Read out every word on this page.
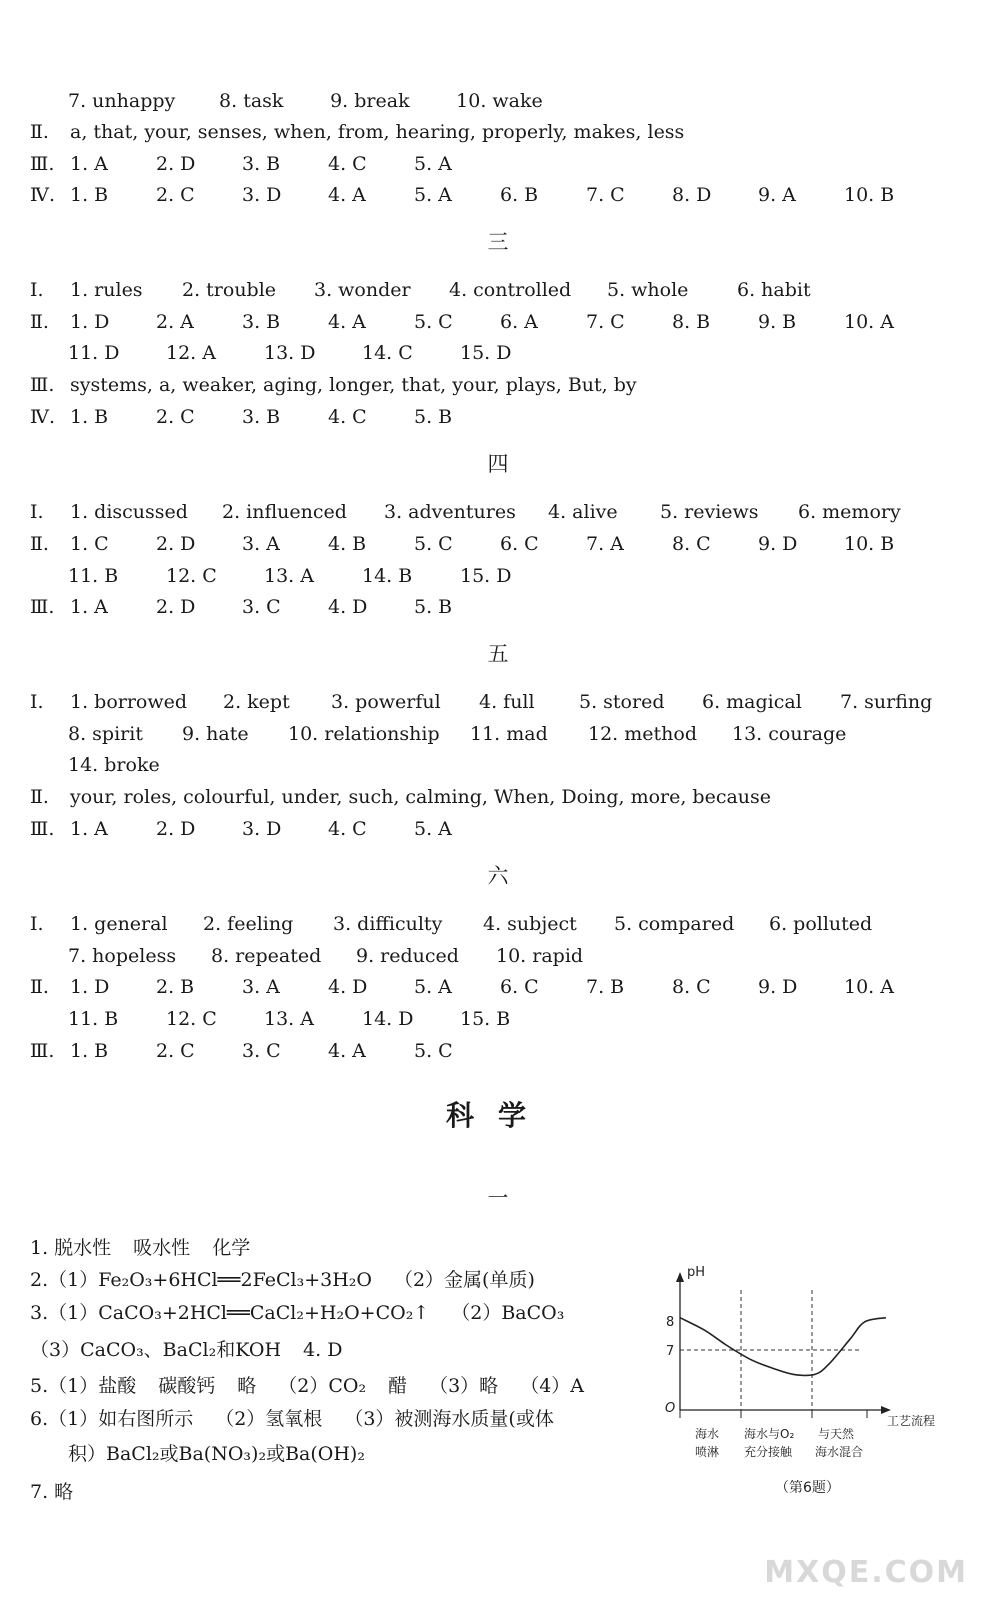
7. unhappy 8. task 9. break 10. wake
Ⅱ. a, that, your, senses, when, from, hearing, properly, makes, less
Ⅲ. 1. A	2. D 3. B	4. C 5. A
Ⅳ. 1. B	2. C 3. D 4. A	5. A	6. B	7. C 8. D 9. A	10. B
三
Ⅰ. 1. rules 2. trouble 3. wonder 4. controlled 5. whole	6. habit
Ⅱ. 1. D 2. A	3. B	4. A	5. C 6. A	7. C 8. B	9. B	10. A
11. D 12. A	13. D 14. C 15. D
Ⅲ. systems, a, weaker, aging, longer, that, your, plays, But, by
Ⅳ. 1. B	2. C 3. B	4. C 5. B
四
Ⅰ. 1. discussed 2. influenced 3. adventures 4. alive 5. reviews 6. memory
Ⅱ. 1. C 2. D 3. A	4. B	5. C 6. C 7. A	8. C 9. D 10. B
11. B	12. C 13. A	14. B	15. D
Ⅲ. 1. A	2. D 3. C 4. D 5. B
五
Ⅰ. 1. borrowed 2. kept 3. powerful 4. full 5. stored 6. magical 7. surfing
8. spirit 9. hate 10. relationship 11. mad 12. method 13. courage
14. broke
Ⅱ. your, roles, colourful, under, such, calming, When, Doing, more, because
Ⅲ. 1. A	2. D 3. D 4. C 5. A
六
Ⅰ. 1. general 2. feeling 3. difficulty 4. subject 5. compared 6. polluted
7. hopeless 8. repeated 9. reduced 10. rapid
Ⅱ. 1. D 2. B	3. A	4. D 5. A	6. C 7. B	8. C 9. D 10. A
11. B	12. C 13. A	14. D 15. B
Ⅲ. 1. B	2. C 3. C 4. A	5. C
科学
一
1. 脱水性 吸水性 化学
2.（1）Fe₂O₃+6HCl══2FeCl₃+3H₂O （2）金属(单质)
3.（1）CaCO₃+2HCl══CaCl₂+H₂O+CO₂↑ （2）BaCO₃
（3）CaCO₃、BaCl₂和KOH 4. D
5.（1）盐酸 碳酸钙 略 （2）CO₂ 醋 （3）略 （4）A
6.（1）如右图所示 （2）氢氧根 （3）被测海水质量(或体
积）BaCl₂或Ba(NO₃)₂或Ba(OH)₂
7. 略
pH
O
8
7
工艺流程
海水
喷淋
海水与O₂
充分接触
与天然
海水混合
（第6题）
MXQE.COM
